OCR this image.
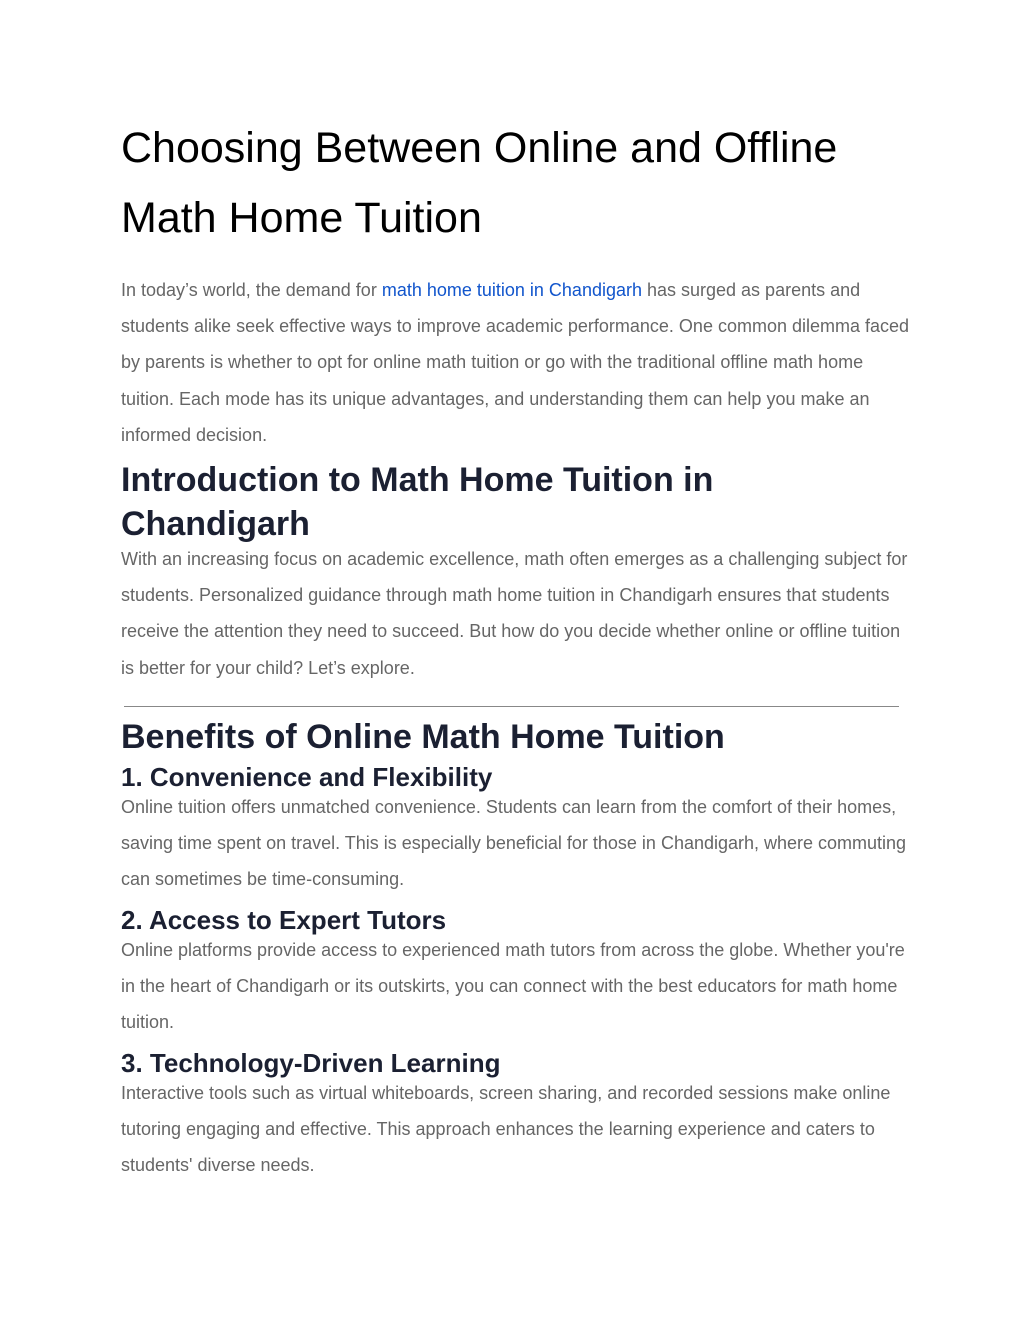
Choosing Between Online and Offline Math Home Tuition

In today’s world, the demand for math home tuition in Chandigarh has surged as parents and students alike seek effective ways to improve academic performance. One common dilemma faced by parents is whether to opt for online math tuition or go with the traditional offline math home tuition. Each mode has its unique advantages, and understanding them can help you make an informed decision.

Introduction to Math Home Tuition in Chandigarh

With an increasing focus on academic excellence, math often emerges as a challenging subject for students. Personalized guidance through math home tuition in Chandigarh ensures that students receive the attention they need to succeed. But how do you decide whether online or offline tuition is better for your child? Let’s explore.

Benefits of Online Math Home Tuition
1. Convenience and Flexibility

Online tuition offers unmatched convenience. Students can learn from the comfort of their homes, saving time spent on travel. This is especially beneficial for those in Chandigarh, where commuting can sometimes be time-consuming.

2. Access to Expert Tutors

Online platforms provide access to experienced math tutors from across the globe. Whether you're in the heart of Chandigarh or its outskirts, you can connect with the best educators for math home tuition.

3. Technology-Driven Learning

Interactive tools such as virtual whiteboards, screen sharing, and recorded sessions make online tutoring engaging and effective. This approach enhances the learning experience and caters to students' diverse needs.
